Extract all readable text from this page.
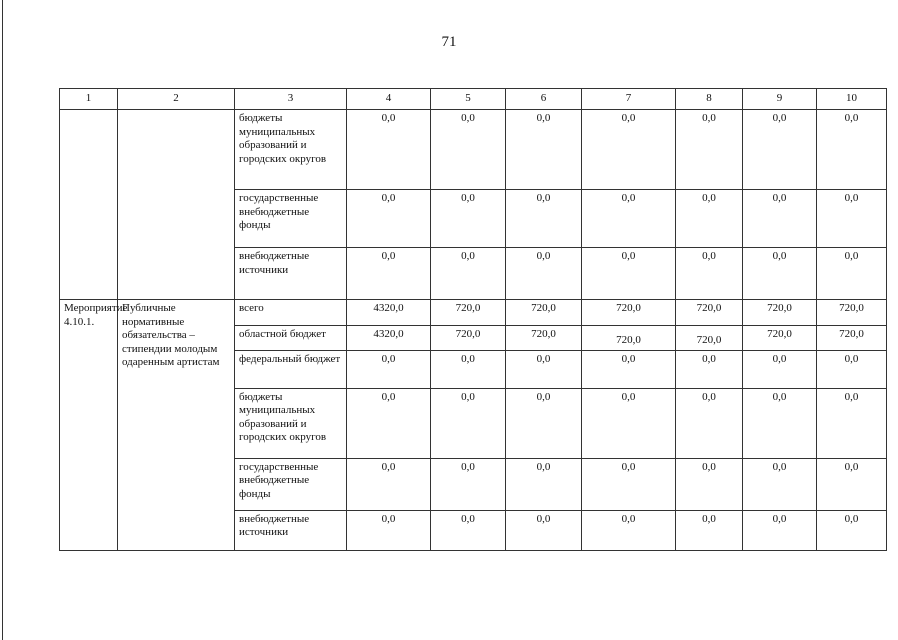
71
1	2	3	4	5	6	7	8	9	10
		бюджеты муниципальных образований и городских округов	0,0	0,0	0,0	0,0	0,0	0,0	0,0
		государственные внебюджетные фонды	0,0	0,0	0,0	0,0	0,0	0,0	0,0
		внебюджетные источники	0,0	0,0	0,0	0,0	0,0	0,0	0,0
Мероприятие 4.10.1.	Публичные нормативные обязательства – стипендии молодым одаренным артистам	всего	4320,0	720,0	720,0	720,0	720,0	720,0	720,0
		областной бюджет	4320,0	720,0	720,0	720,0	720,0	720,0	720,0
		федеральный бюджет	0,0	0,0	0,0	0,0	0,0	0,0	0,0
		бюджеты муниципальных образований и городских округов	0,0	0,0	0,0	0,0	0,0	0,0	0,0
		государственные внебюджетные фонды	0,0	0,0	0,0	0,0	0,0	0,0	0,0
		внебюджетные источники	0,0	0,0	0,0	0,0	0,0	0,0	0,0
